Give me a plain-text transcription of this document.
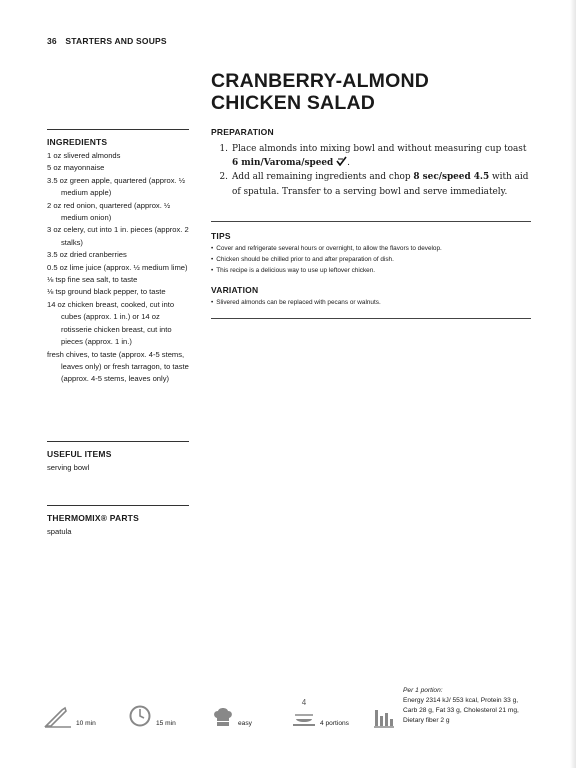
36 STARTERS AND SOUPS
CRANBERRY-ALMOND
CHICKEN SALAD
INGREDIENTS
1 oz slivered almonds
5 oz mayonnaise
3.5 oz green apple, quartered (approx. ½ medium apple)
2 oz red onion, quartered (approx. ½ medium onion)
3 oz celery, cut into 1 in. pieces (approx. 2 stalks)
3.5 oz dried cranberries
0.5 oz lime juice (approx. ½ medium lime)
⅛ tsp fine sea salt, to taste
⅛ tsp ground black pepper, to taste
14 oz chicken breast, cooked, cut into cubes (approx. 1 in.) or 14 oz rotisserie chicken breast, cut into pieces (approx. 1 in.)
fresh chives, to taste (approx. 4-5 stems, leaves only) or fresh tarragon, to taste (approx. 4-5 stems, leaves only)
USEFUL ITEMS
serving bowl
THERMOMIX® PARTS
spatula
PREPARATION
1. Place almonds into mixing bowl and without measuring cup toast
6 min/Varoma/speed .
2. Add all remaining ingredients and chop 8 sec/speed 4.5 with aid of spatula. Transfer to a serving bowl and serve immediately.
TIPS
• Cover and refrigerate several hours or overnight, to allow the flavors to develop.
• Chicken should be chilled prior to and after preparation of dish.
• This recipe is a delicious way to use up leftover chicken.
VARIATION
• Slivered almonds can be replaced with pecans or walnuts.
10 min	15 min	easy
4
4 portions
Per 1 portion:
Energy 2314 kJ/ 553 kcal, Protein 33 g, Carb 28 g, Fat 33 g, Cholesterol 21 mg, Dietary fiber 2 g
